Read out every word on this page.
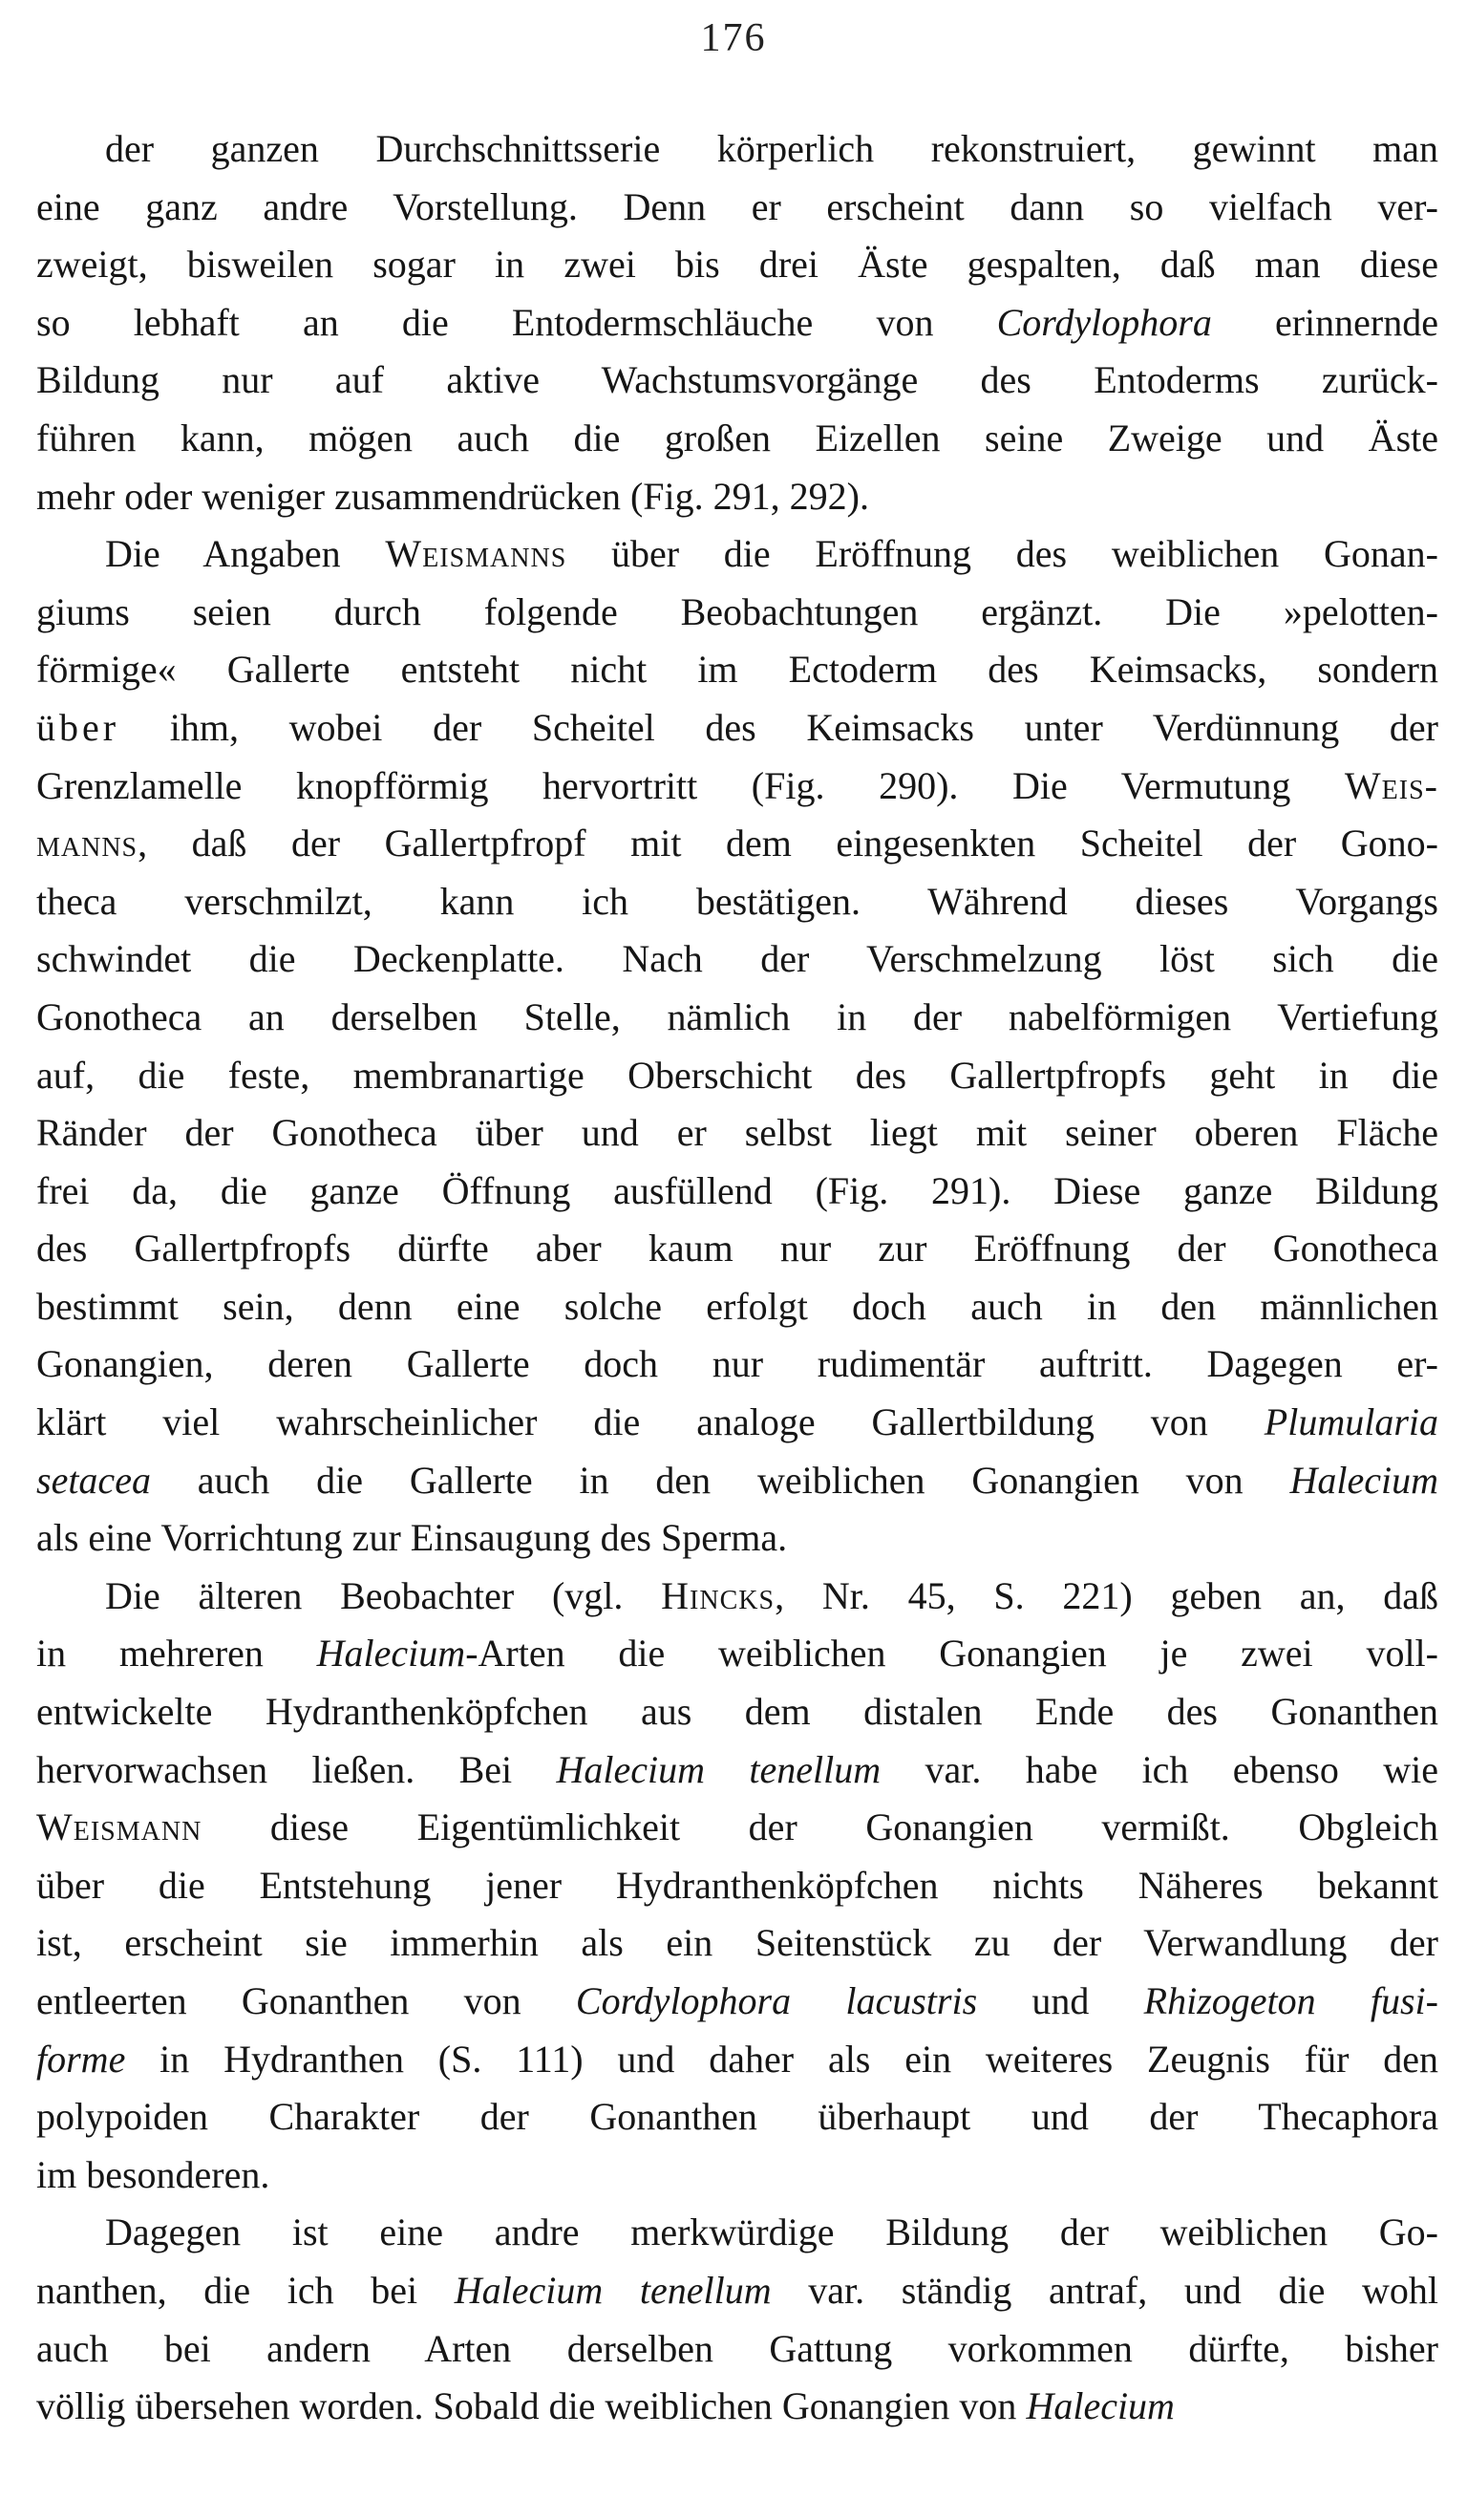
176
der ganzen Durchschnittsserie körperlich rekonstruiert, gewinnt man
eine ganz andre Vorstellung. Denn er erscheint dann so vielfach ver-
zweigt, bisweilen sogar in zwei bis drei Äste gespalten, daß man diese
so lebhaft an die Entodermschläuche von Cordylophora erinnernde
Bildung nur auf aktive Wachstumsvorgänge des Entoderms zurück-
führen kann, mögen auch die großen Eizellen seine Zweige und Äste
mehr oder weniger zusammendrücken (Fig. 291, 292).
Die Angaben Weismanns über die Eröffnung des weiblichen Gonan-
giums seien durch folgende Beobachtungen ergänzt. Die »pelotten-
förmige« Gallerte entsteht nicht im Ectoderm des Keimsacks, sondern
über ihm, wobei der Scheitel des Keimsacks unter Verdünnung der
Grenzlamelle knopfförmig hervortritt (Fig. 290). Die Vermutung Weis-
manns, daß der Gallertpfropf mit dem eingesenkten Scheitel der Gono-
theca verschmilzt, kann ich bestätigen. Während dieses Vorgangs
schwindet die Deckenplatte. Nach der Verschmelzung löst sich die
Gonotheca an derselben Stelle, nämlich in der nabelförmigen Vertiefung
auf, die feste, membranartige Oberschicht des Gallertpfropfs geht in die
Ränder der Gonotheca über und er selbst liegt mit seiner oberen Fläche
frei da, die ganze Öffnung ausfüllend (Fig. 291). Diese ganze Bildung
des Gallertpfropfs dürfte aber kaum nur zur Eröffnung der Gonotheca
bestimmt sein, denn eine solche erfolgt doch auch in den männlichen
Gonangien, deren Gallerte doch nur rudimentär auftritt. Dagegen er-
klärt viel wahrscheinlicher die analoge Gallertbildung von Plumularia
setacea auch die Gallerte in den weiblichen Gonangien von Halecium
als eine Vorrichtung zur Einsaugung des Sperma.
Die älteren Beobachter (vgl. Hincks, Nr. 45, S. 221) geben an, daß
in mehreren Halecium-Arten die weiblichen Gonangien je zwei voll-
entwickelte Hydranthenköpfchen aus dem distalen Ende des Gonanthen
hervorwachsen ließen. Bei Halecium tenellum var. habe ich ebenso wie
Weismann diese Eigentümlichkeit der Gonangien vermißt. Obgleich
über die Entstehung jener Hydranthenköpfchen nichts Näheres bekannt
ist, erscheint sie immerhin als ein Seitenstück zu der Verwandlung der
entleerten Gonanthen von Cordylophora lacustris und Rhizogeton fusi-
forme in Hydranthen (S. 111) und daher als ein weiteres Zeugnis für den
polypoiden Charakter der Gonanthen überhaupt und der Thecaphora
im besonderen.
Dagegen ist eine andre merkwürdige Bildung der weiblichen Go-
nanthen, die ich bei Halecium tenellum var. ständig antraf, und die wohl
auch bei andern Arten derselben Gattung vorkommen dürfte, bisher
völlig übersehen worden. Sobald die weiblichen Gonangien von Halecium
